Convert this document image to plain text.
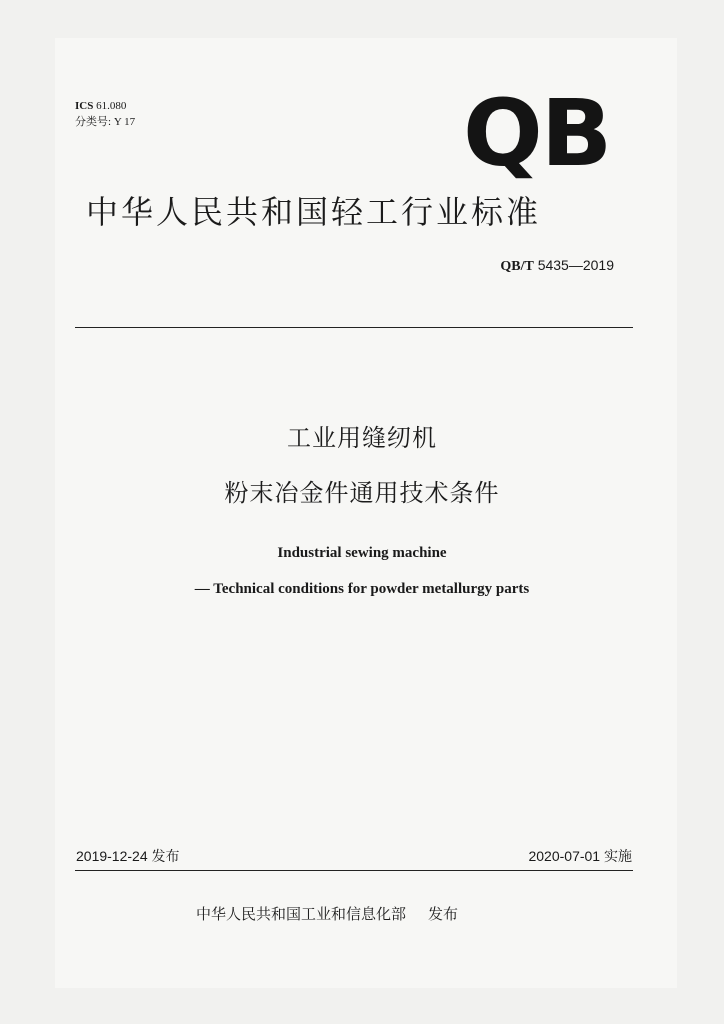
ICS 61.080
分类号: Y 17	QB
中华人民共和国轻工行业标准
QB/T 5435—2019
工业用缝纫机
粉末冶金件通用技术条件
Industrial sewing machine
— Technical conditions for powder metallurgy parts
2019-12-24 发布	2020-07-01 实施
中华人民共和国工业和信息化部 发布
